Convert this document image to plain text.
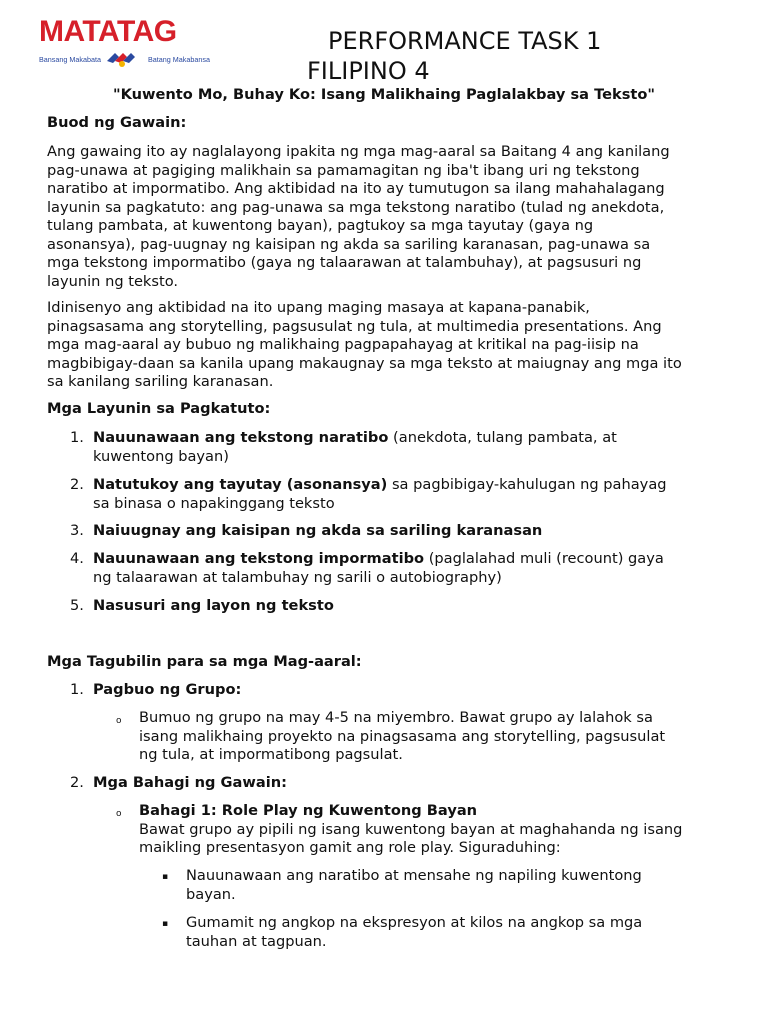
MATATAG
Bansang Makabata	Batang Makabansa
PERFORMANCE TASK 1
FILIPINO 4
"Kuwento Mo, Buhay Ko: Isang Malikhaing Paglalakbay sa Teksto"
Buod ng Gawain:

Ang gawaing ito ay naglalayong ipakita ng mga mag-aaral sa Baitang 4 ang kanilang

pag-unawa at pagiging malikhain sa pamamagitan ng iba't ibang uri ng tekstong

naratibo at impormatibo. Ang aktibidad na ito ay tumutugon sa ilang mahahalagang

layunin sa pagkatuto: ang pag-unawa sa mga tekstong naratibo (tulad ng anekdota,

tulang pambata, at kuwentong bayan), pagtukoy sa mga tayutay (gaya ng

asonansya), pag-uugnay ng kaisipan ng akda sa sariling karanasan, pag-unawa sa

mga tekstong impormatibo (gaya ng talaarawan at talambuhay), at pagsusuri ng

layunin ng teksto.

Idinisenyo ang aktibidad na ito upang maging masaya at kapana-panabik,

pinagsasama ang storytelling, pagsusulat ng tula, at multimedia presentations. Ang

mga mag-aaral ay bubuo ng malikhaing pagpapahayag at kritikal na pag-iisip na

magbibigay-daan sa kanila upang makaugnay sa mga teksto at maiugnay ang mga ito

sa kanilang sariling karanasan.

Mga Layunin sa Pagkatuto:
1. Nauunawaan ang tekstong naratibo (anekdota, tulang pambata, at

kuwentong bayan)

2. Natutukoy ang tayutay (asonansya) sa pagbibigay-kahulugan ng pahayag

sa binasa o napakinggang teksto

3. Naiuugnay ang kaisipan ng akda sa sariling karanasan

4. Nauunawaan ang tekstong impormatibo (paglalahad muli (recount) gaya

ng talaarawan at talambuhay ng sarili o autobiography)

5. Nasusuri ang layon ng teksto

Mga Tagubilin para sa mga Mag-aaral:
1. Pagbuo ng Grupo:
o Bumuo ng grupo na may 4-5 na miyembro. Bawat grupo ay lalahok sa

isang malikhaing proyekto na pinagsasama ang storytelling, pagsusulat

ng tula, at impormatibong pagsulat.

2. Mga Bahagi ng Gawain:
o Bahagi 1: Role Play ng Kuwentong Bayan

Bawat grupo ay pipili ng isang kuwentong bayan at maghahanda ng isang

maikling presentasyon gamit ang role play. Siguraduhing:

▪ Nauunawaan ang naratibo at mensahe ng napiling kuwentong

bayan.

▪ Gumamit ng angkop na ekspresyon at kilos na angkop sa mga

tauhan at tagpuan.
